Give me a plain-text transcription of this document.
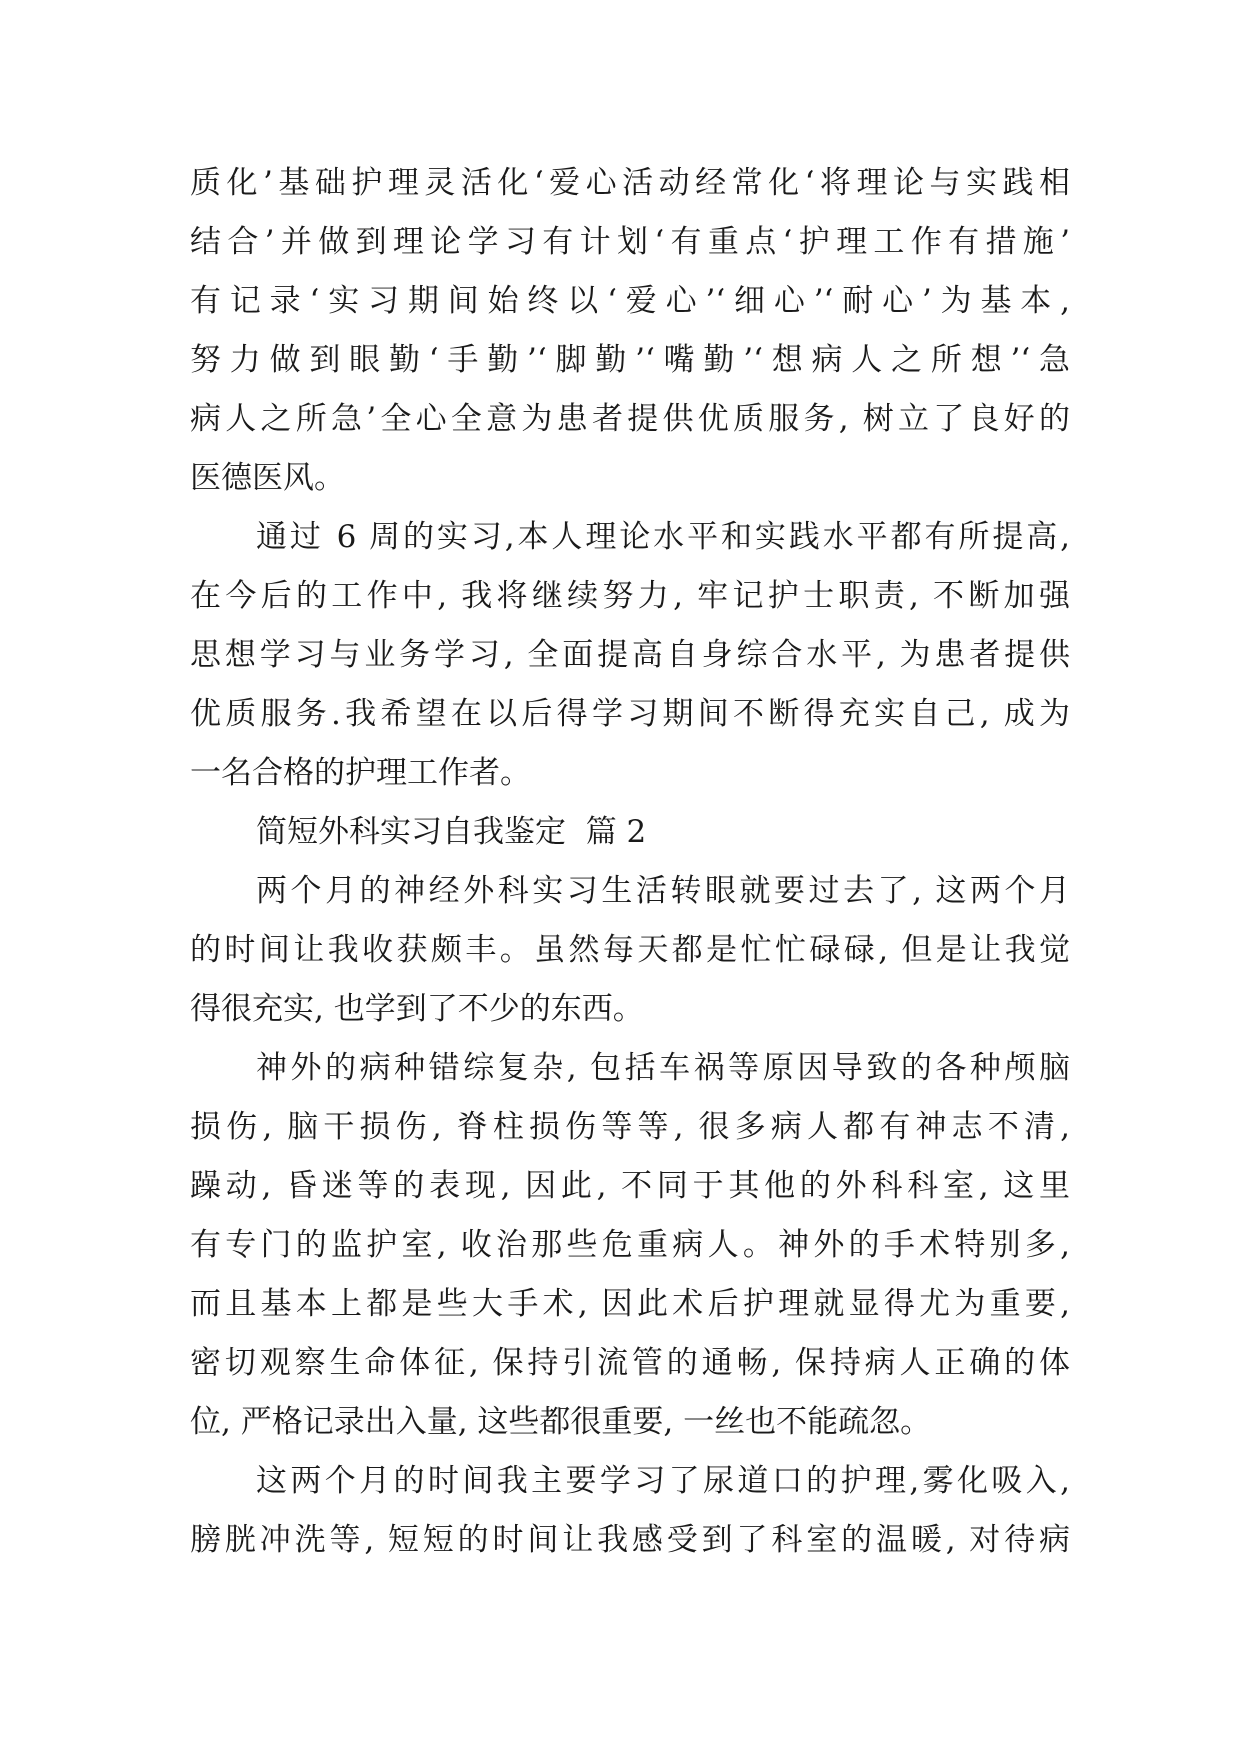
质化’基础护理灵活化‘爱心活动经常化‘将理论与实践相
结合’并做到理论学习有计划‘有重点‘护理工作有措施’
有记录‘实习期间始终以‘爱心’‘细心’‘耐心’为基本,
努力做到眼勤‘手勤’‘脚勤’‘嘴勤’‘想病人之所想’‘急
病人之所急’全心全意为患者提供优质服务, 树立了良好的
医德医风。
通过 6 周的实习,本人理论水平和实践水平都有所提高,
在今后的工作中, 我将继续努力, 牢记护士职责, 不断加强
思想学习与业务学习, 全面提高自身综合水平, 为患者提供
优质服务.我希望在以后得学习期间不断得充实自己, 成为
一名合格的护理工作者。
简短外科实习自我鉴定  篇 2
两个月的神经外科实习生活转眼就要过去了, 这两个月
的时间让我收获颇丰。虽然每天都是忙忙碌碌, 但是让我觉
得很充实, 也学到了不少的东西。
神外的病种错综复杂, 包括车祸等原因导致的各种颅脑
损伤, 脑干损伤, 脊柱损伤等等, 很多病人都有神志不清,
躁动, 昏迷等的表现, 因此, 不同于其他的外科科室, 这里
有专门的监护室, 收治那些危重病人。神外的手术特别多,
而且基本上都是些大手术, 因此术后护理就显得尤为重要,
密切观察生命体征, 保持引流管的通畅, 保持病人正确的体
位, 严格记录出入量, 这些都很重要, 一丝也不能疏忽。
这两个月的时间我主要学习了尿道口的护理,雾化吸入,
膀胱冲洗等, 短短的时间让我感受到了科室的温暖, 对待病
